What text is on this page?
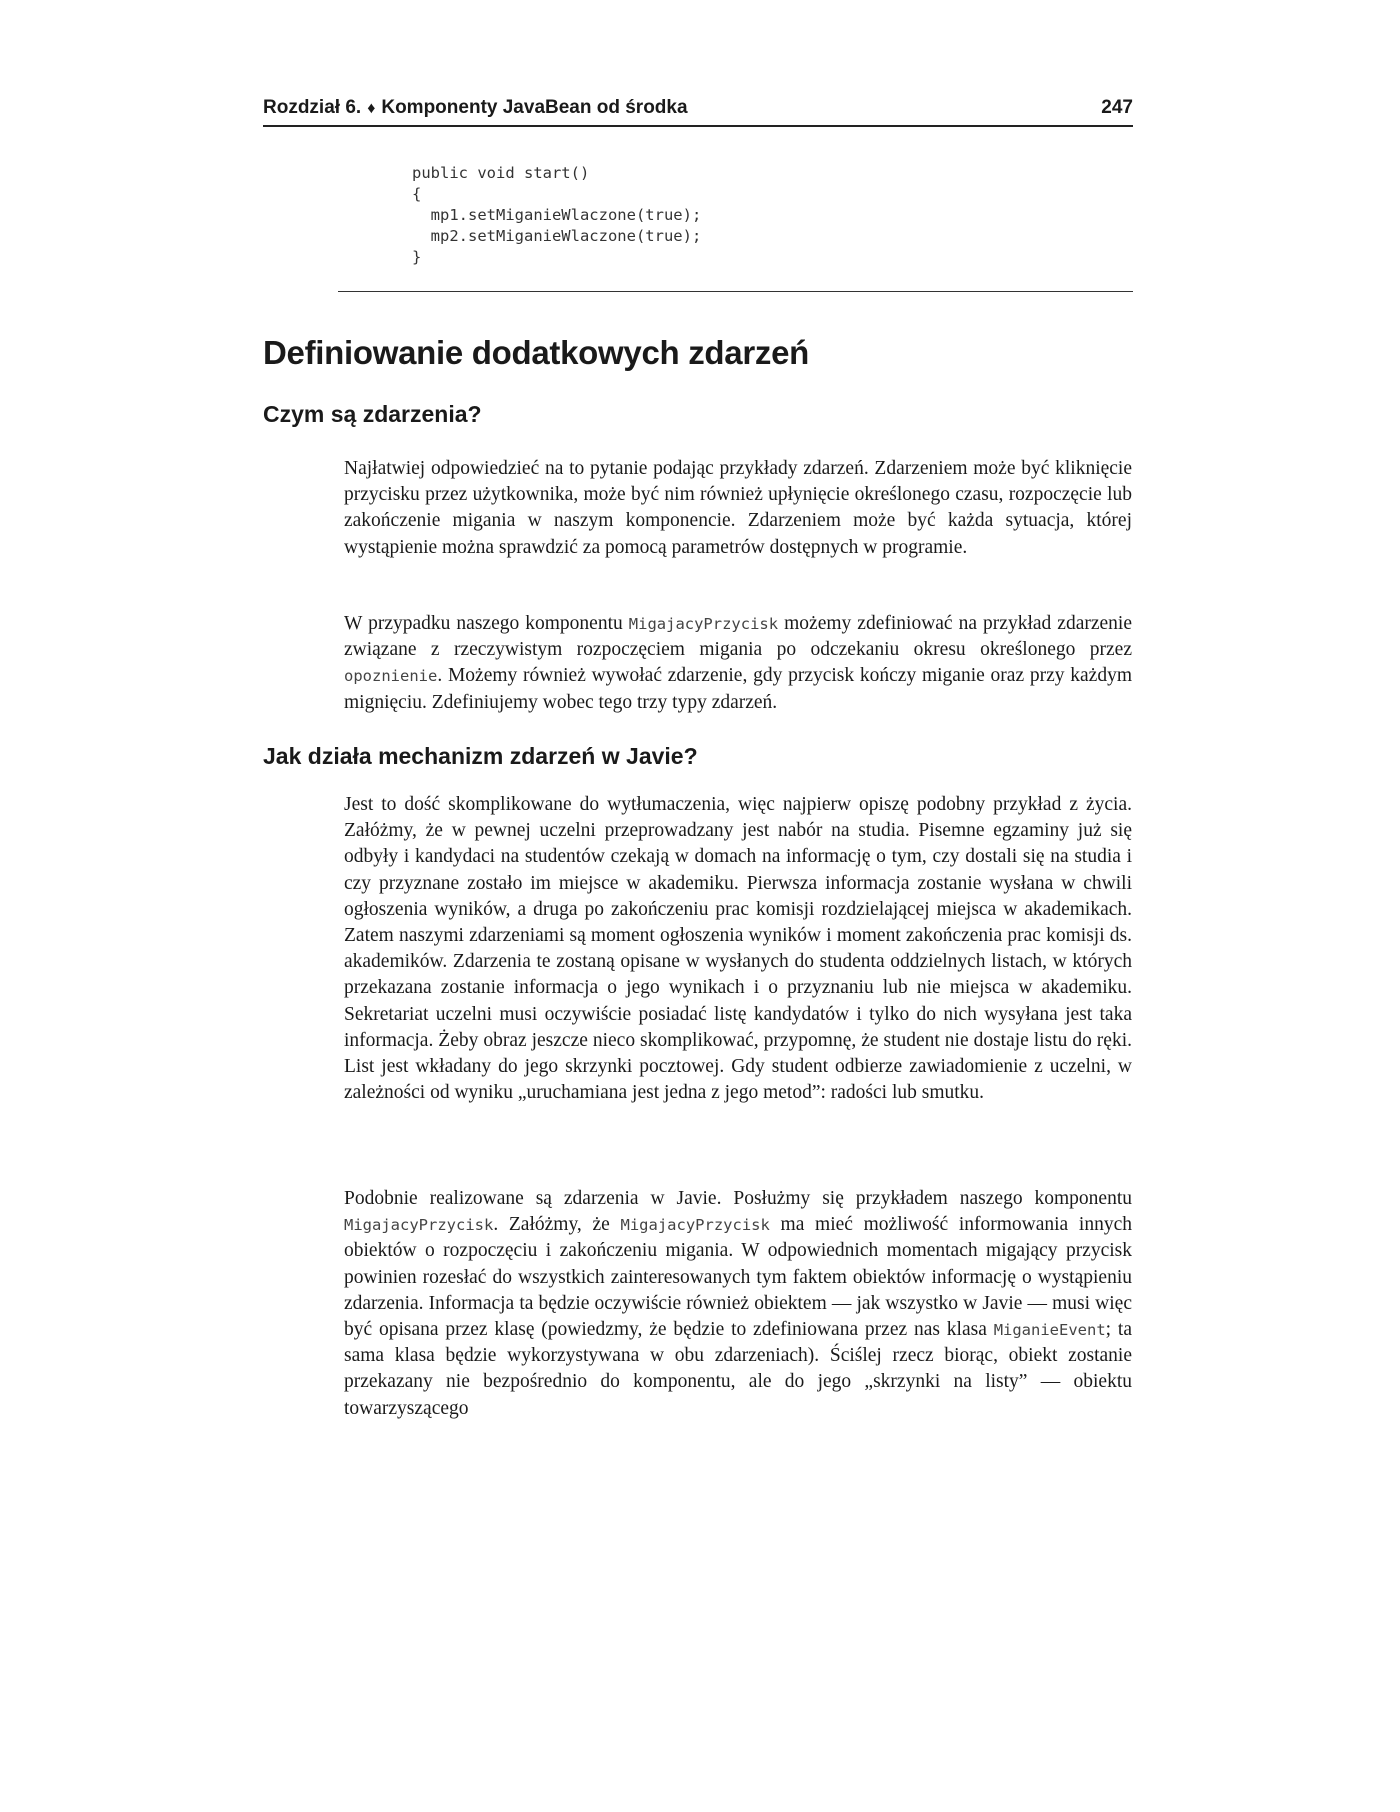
Rozdział 6. ♦ Komponenty JavaBean od środka	247
public void start()
{
mp1.setMiganieWlaczone(true);
mp2.setMiganieWlaczone(true);
}
Definiowanie dodatkowych zdarzeń
Czym są zdarzenia?

Najłatwiej odpowiedzieć na to pytanie podając przykłady zdarzeń. Zdarzeniem może być kliknięcie przycisku przez użytkownika, może być nim również upłynięcie określonego czasu, rozpoczęcie lub zakończenie migania w naszym komponencie. Zdarzeniem może być każda sytuacja, której wystąpienie można sprawdzić za pomocą parametrów dostępnych w programie.

W przypadku naszego komponentu MigajacyPrzycisk możemy zdefiniować na przykład zdarzenie związane z rzeczywistym rozpoczęciem migania po odczekaniu okresu określonego przez opoznienie. Możemy również wywołać zdarzenie, gdy przycisk kończy miganie oraz przy każdym mignięciu. Zdefiniujemy wobec tego trzy typy zdarzeń.

Jak działa mechanizm zdarzeń w Javie?

Jest to dość skomplikowane do wytłumaczenia, więc najpierw opiszę podobny przykład z życia. Załóżmy, że w pewnej uczelni przeprowadzany jest nabór na studia. Pisemne egzaminy już się odbyły i kandydaci na studentów czekają w domach na informację o tym, czy dostali się na studia i czy przyznane zostało im miejsce w akademiku. Pierwsza informacja zostanie wysłana w chwili ogłoszenia wyników, a druga po zakończeniu prac komisji rozdzielającej miejsca w akademikach. Zatem naszymi zdarzeniami są moment ogłoszenia wyników i moment zakończenia prac komisji ds. akademików. Zdarzenia te zostaną opisane w wysłanych do studenta oddzielnych listach, w których przekazana zostanie informacja o jego wynikach i o przyznaniu lub nie miejsca w akademiku. Sekretariat uczelni musi oczywiście posiadać listę kandydatów i tylko do nich wysyłana jest taka informacja. Żeby obraz jeszcze nieco skomplikować, przypomnę, że student nie dostaje listu do ręki. List jest wkładany do jego skrzynki pocztowej. Gdy student odbierze zawiadomienie z uczelni, w zależności od wyniku „uruchamiana jest jedna z jego metod”: radości lub smutku.

Podobnie realizowane są zdarzenia w Javie. Posłużmy się przykładem naszego komponentu MigajacyPrzycisk. Załóżmy, że MigajacyPrzycisk ma mieć możliwość informowania innych obiektów o rozpoczęciu i zakończeniu migania. W odpowiednich momentach migający przycisk powinien rozesłać do wszystkich zainteresowanych tym faktem obiektów informację o wystąpieniu zdarzenia. Informacja ta będzie oczywiście również obiektem — jak wszystko w Javie — musi więc być opisana przez klasę (powiedzmy, że będzie to zdefiniowana przez nas klasa MiganieEvent; ta sama klasa będzie wykorzystywana w obu zdarzeniach). Ściślej rzecz biorąc, obiekt zostanie przekazany nie bezpośrednio do komponentu, ale do jego „skrzynki na listy” — obiektu towarzyszącego
